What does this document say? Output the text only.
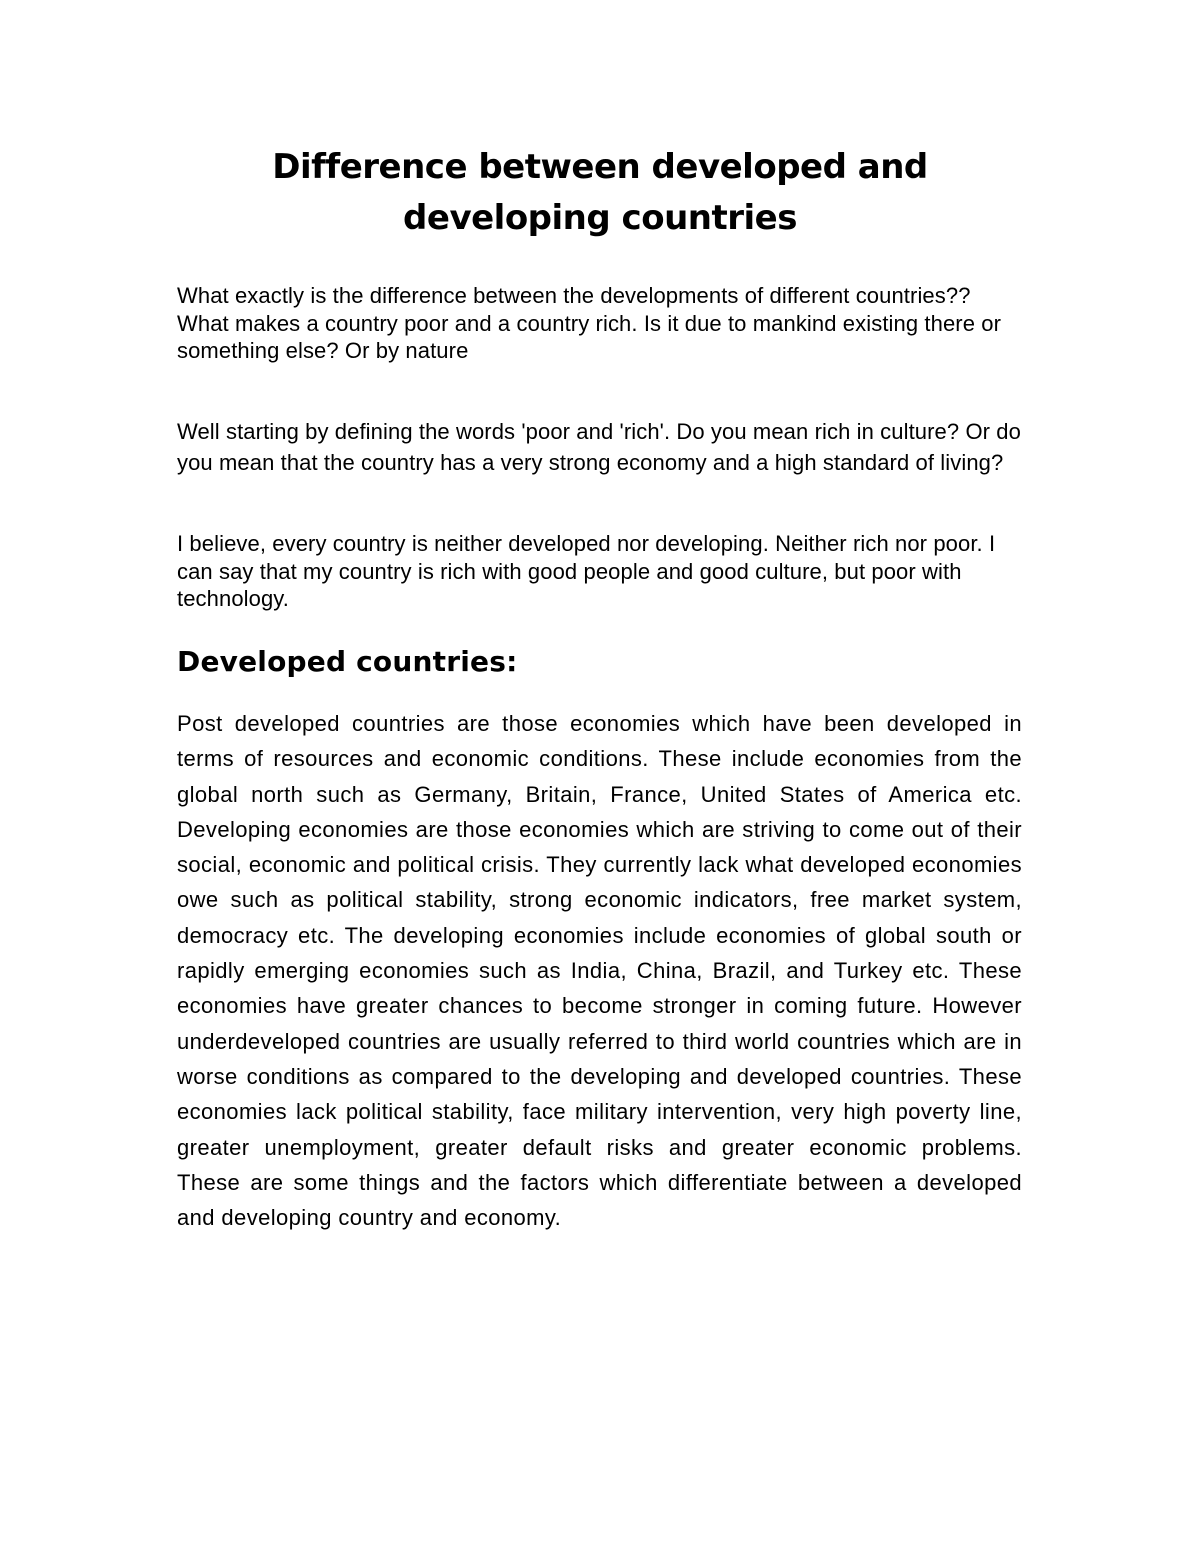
Difference between developed and developing countries
What exactly is the difference between the developments of different countries??
What makes a country poor and a country rich. Is it due to mankind existing there or something else? Or by nature

Well starting by defining the words 'poor and 'rich'. Do you mean rich in culture? Or do you mean that the country has a very strong economy and a high standard of living?

I believe, every country is neither developed nor developing. Neither rich nor poor. I can say that my country is rich with good people and good culture, but poor with technology.

Developed countries:

Post developed countries are those economies which have been developed in terms of resources and economic conditions. These include economies from the global north such as Germany, Britain, France, United States of America etc. Developing economies are those economies which are striving to come out of their social, economic and political crisis. They currently lack what developed economies owe such as political stability, strong economic indicators, free market system, democracy etc. The developing economies include economies of global south or rapidly emerging economies such as India, China, Brazil, and Turkey etc. These economies have greater chances to become stronger in coming future. However underdeveloped countries are usually referred to third world countries which are in worse conditions as compared to the developing and developed countries. These economies lack political stability, face military intervention, very high poverty line, greater unemployment, greater default risks and greater economic problems. These are some things and the factors which differentiate between a developed and developing country and economy.
